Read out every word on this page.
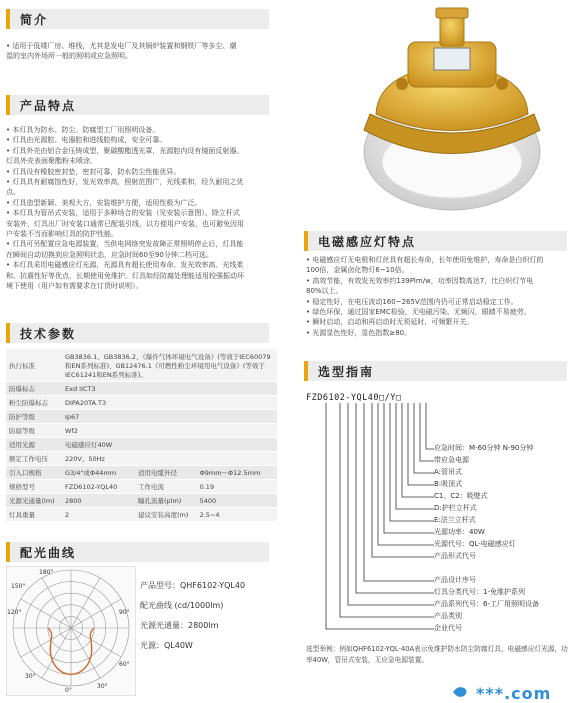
简介
• 适用于低矮厂房、堆栈，尤其是发电厂及其锅炉装置和钢铁厂等多尘、潮
湿的室内外场所一般的照明或应急照明。
产品特点
• 本灯具为防水、防尘、防腐型工厂用照明设备。
• 灯具由光源腔、电器腔和进线腔构成，安全可靠。
• 灯具外壳由铝合金压铸成型，聚碳酸酯透光罩，光源腔内设有镜面反射器。
灯具外壳表面聚酯粉末喷涂。
• 灯具设有橡胶密封垫，密封可靠，防水防尘性能优异。
• 灯具具有耐腐蚀性好，发光效率高，照射范围广，光线柔和，经久耐用之优
点。
• 灯具造型新颖、美观大方，安装维护方便，适用性极为广泛。
• 本灯具为管吊式安装，适用于多种场合的安装（见安装示意图）。除立杆式
安装外，灯具出厂时安装口通常已配装引线，以方便用户安装，也可避免因用
户安装不当而影响灯具的防护性能。
• 灯具可另配置应急电源装置，当供电网络突发故障正常照明停止后，灯具能
在瞬间自动切换到应急照明状态，应急时间60至90分钟二档可选。
• 本灯具采用电磁感应灯光源，光源具有超长使用寿命、发光效率高、光线柔
和、抗震性好等优点，长期使用免维护。灯具如经防腐处理能适用较强振动环
境下使用（用户如有需要求在订货时说明）。
电磁感应灯特点
• 电磁感应灯无电极和灯丝具有超长寿命，长年使用免维护，寿命是白炽灯的
100倍，金属卤化物灯6~10倍。
• 高效节能，有效发光效率约139Plm/w，功率因数高达7，比白炽灯节电
80%以上。
• 稳定性好，在电压波动160~265V范围内仍可正常启动稳定工作。
• 绿色环保，通过国家EMC检验，无电磁污染、无频闪，眼睛不易疲劳。
• 瞬时启动，启动和再启动时无须延时，可频繁开关。
• 光源显色性好，显色指数≥80。
技术参数
执行标准	GB3836.1、GB3836.2、《爆炸气体环境电气设备》(等效于IEC60079和EN系列标准)、GB12476.1《可燃性粉尘环境用电气设备》(等效于IEC61241和EN系列标准)。		
防爆标志	Exd IICT3		
粉尘防爆标志	DIPA20TA.T3		
防护等级	Ip67		
防腐等级	Wf2		
适用光源	电磁感应灯40W		
额定工作电压	220V、50Hz		
引入口规格	G3/4"或Φ44mm	适用电缆外径	Φ9mm～Φ12.5mm
规格型号	FZD6102-YQL40	工作电流	0.19
光源光通量(lm)	2800	瞳孔流量(plm)	5400
灯具重量	2	建议安装高度(m)	2.5~4
选型指南
FZD6102-YQL40□/Y□
应急时间：M-60分钟 N-90分钟
带应急电源
A:管吊式
B:吸顶式
C1、C2：吸壁式
D:护栏立杆式
E:法兰立杆式
光源功率：40W
光源代号：QL-电磁感应灯
产品形式代号
产品设计序号
灯具分类代号：1-免维护系列
产品系列代号：6-工厂用照明设备
产品类别
企业代号
选型举例：例如QHF6102-YQL-40A表示免维护防水防尘防腐灯具，电磁感应灯光源，功率40W，管吊式安装，无应急电源装置。
配光曲线
180°
150°
120°	90°
60°
30°
0°
30°
产品型号：QHF6102-YQL40
配光曲线 (cd/1000lm)
光源光通量：2800lm
光源：QL40W
***.com
